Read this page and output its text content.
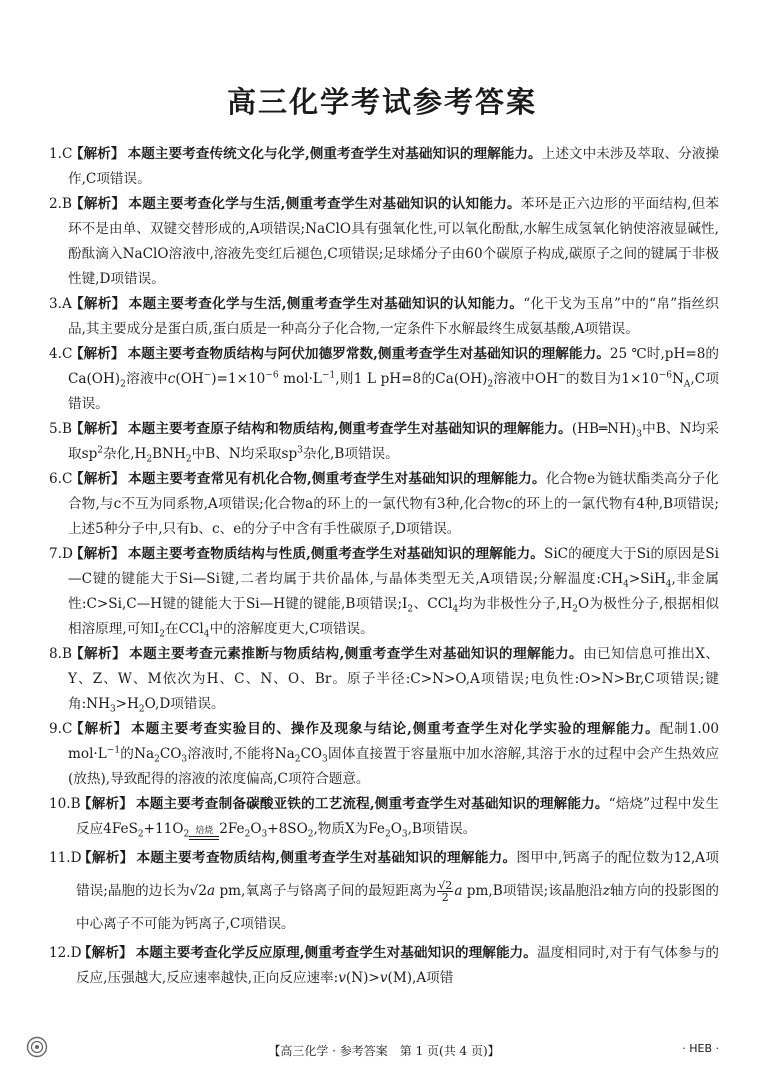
高三化学考试参考答案
1.C
【解析】 本题主要考查传统文化与化学,侧重考查学生对基础知识的理解能力。上述文中未涉及萃取、分液操作,C项错误。
2.B
【解析】 本题主要考查化学与生活,侧重考查学生对基础知识的认知能力。苯环是正六边形的平面结构,但苯环不是由单、双键交替形成的,A项错误;NaClO具有强氧化性,可以氧化酚酞,水解生成氢氧化钠使溶液显碱性,酚酞滴入NaClO溶液中,溶液先变红后褪色,C项错误;足球烯分子由60个碳原子构成,碳原子之间的键属于非极性键,D项错误。
3.A
【解析】 本题主要考查化学与生活,侧重考查学生对基础知识的认知能力。“化干戈为玉帛”中的“帛”指丝织品,其主要成分是蛋白质,蛋白质是一种高分子化合物,一定条件下水解最终生成氨基酸,A项错误。
4.C
【解析】 本题主要考查物质结构与阿伏加德罗常数,侧重考查学生对基础知识的理解能力。25 ℃时,pH=8的$Ca(OH)_2$溶液中$c(OH^-)=1\times 10^{-6}$ $mol\cdot L^{-1}$,则1 L pH=8的$Ca(OH)_2$溶液中OH−的数目为$1\times 10^{-6}N_A,C$项错误。
5.B
【解析】 本题主要考查原子结构和物质结构,侧重考查学生对基础知识的理解能力。$(HB═NH)_3$中B、N均采取$sp^2$杂化$,H_2BNH_2$中B、N均采取$sp^3$杂化,B项错误。
6.C
【解析】 本题主要考查常见有机化合物,侧重考查学生对基础知识的理解能力。化合物e为链状酯类高分子化合物,与c不互为同系物,A项错误;化合物a的环上的一氯代物有3种,化合物c的环上的一氯代物有4种,B项错误;上述5种分子中,只有b、c、e的分子中含有手性碳原子,D项错误。
7.D
【解析】 本题主要考查物质结构与性质,侧重考查学生对基础知识的理解能力。SiC的硬度大于Si的原因是Si—C键的键能大于Si—Si键,二者均属于共价晶体,与晶体类型无关,A项错误;分解温度$:CH_4>SiH_4$,非金属性:C>Si,C—H键的键能大于Si—H键的键能,B项错误$;I_2$、CCl$_4$均为非极性分子$,H_2O$为极性分子,根据相似相溶原理,可知$I_2$在CCl$_4$中的溶解度更大,C项错误。
8.B
【解析】 本题主要考查元素推断与物质结构,侧重考查学生对基础知识的理解能力。由已知信息可推出X、Y、Z、W、M依次为H、C、N、O、Br。原子半径:C>N>O,A项错误;电负性:O>N>Br,C项错误;键角$:NH_3>H_2O,D$项错误。
9.C
【解析】 本题主要考查实验目的、操作及现象与结论,侧重考查学生对化学实验的理解能力。配制1.00 $mol\cdot L^{-1}$的$Na_2CO_3$溶液时,不能将$Na_2CO_3$固体直接置于容量瓶中加水溶解,其溶于水的过程中会产生热效应(放热),导致配得的溶液的浓度偏高,C项符合题意。
10.B
【解析】 本题主要考查制备碳酸亚铁的工艺流程,侧重考查学生对基础知识的理解能力。“焙烧”过程中发生反应$4FeS_2+11O_2$ 焙烧 $2Fe_2O_3+8SO_2$,物质X为$Fe_2O_3,B$项错误。
11.D
【解析】 本题主要考查物质结构,侧重考查学生对基础知识的理解能力。图甲中,钙离子的配位数为12,A项错误;晶胞的边长为√2a pm,氧离子与铬离子间的最短距离为 $\frac{√2}{2}$ a pm,B项错误;该晶胞沿z轴方向的投影图的中心离子不可能为钙离子,C项错误。
12.D
【解析】 本题主要考查化学反应原理,侧重考查学生对基础知识的理解能力。温度相同时,对于有气体参与的反应,压强越大,反应速率越快,正向反应速率:v(N)>v(M),A项错
【高三化学 · 参考答案　第 1 页(共 4 页)】	· HEB ·
